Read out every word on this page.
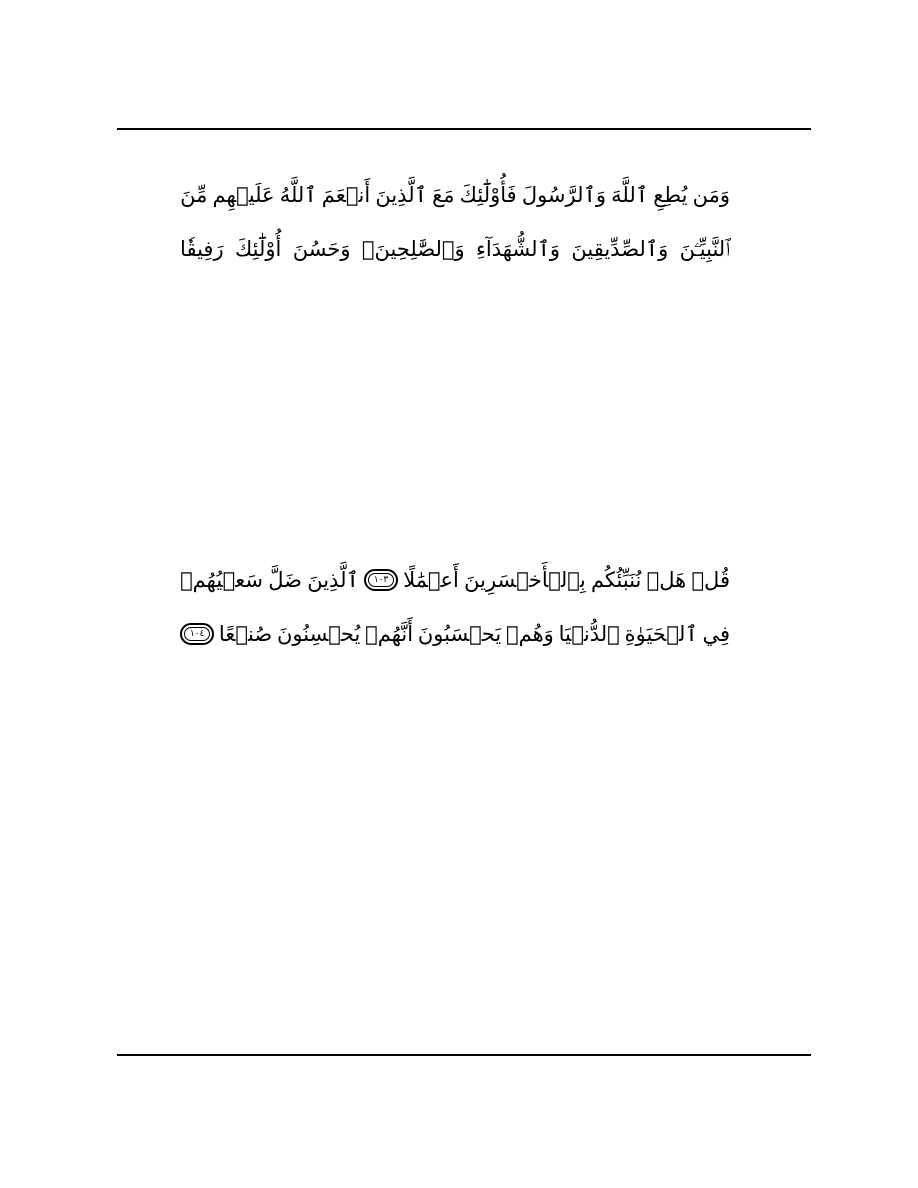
وَمَن
يُطِعِ
ٱللَّهَ
وَٱلرَّسُولَ
فَأُوْلَٰٓئِكَ
مَعَ
ٱلَّذِينَ
أَنۡعَمَ
ٱللَّهُ
عَلَيۡهِم
مِّنَ
ٱلنَّبِيِّـۧنَ
وَٱلصِّدِّيقِينَ
وَٱلشُّهَدَآءِ
وَٱلصَّٰلِحِينَۚ
وَحَسُنَ
أُوْلَٰٓئِكَ
رَفِيقٗا
قُلۡ
هَلۡ
نُنَبِّئُكُم
بِٱلۡأَخۡسَرِينَ
أَعۡمَٰلًا
١٠٣
ٱلَّذِينَ
ضَلَّ
سَعۡيُهُمۡ
فِي
ٱلۡحَيَوٰةِ
ٱلدُّنۡيَا
وَهُمۡ
يَحۡسَبُونَ
أَنَّهُمۡ
يُحۡسِنُونَ
صُنۡعًا
١٠٤
